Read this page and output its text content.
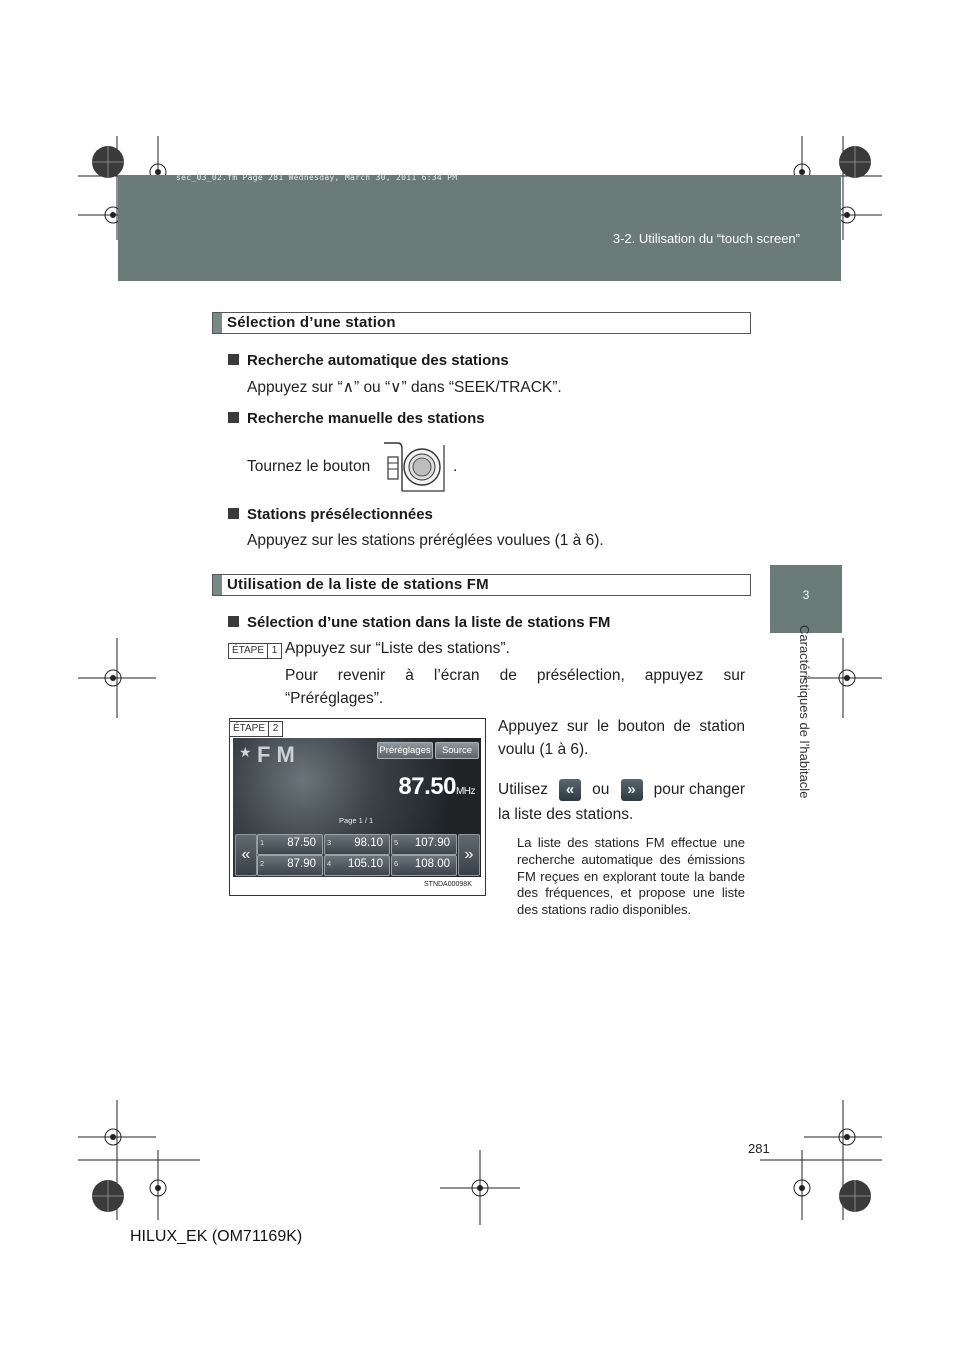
sec_03_02.fm Page 281 Wednesday, March 30, 2011 6:34 PM
3-2. Utilisation du “touch screen”
3
Caractéristiques de l’habitacle
Sélection d’une station
Recherche automatique des stations
Appuyez sur “∧” ou “∨” dans “SEEK/TRACK”.
Recherche manuelle des stations
Tournez le bouton	.
Stations présélectionnées
Appuyez sur les stations préréglées voulues (1 à 6).
Utilisation de la liste de stations FM
Sélection d’une station dans la liste de stations FM
ÉTAPE 1 Appuyez sur “Liste des stations”.
Pour revenir à l’écran de présélection, appuyez sur
“Préréglages”.
ÉTAPE 2
★ FM	Préréglages	Source
87.50MHz
Page 1 / 1
«	»
1 87.50 3 98.10 5 107.90
2 87.90 4 105.10 6 108.00
STNDA00098K
Appuyez sur le bouton de station
voulu (1 à 6).
Utilisez	«	ou	»	pour changer
la liste des stations.
La liste des stations FM effectue une recherche automatique des émissions FM reçues en explorant toute la bande des fréquences, et propose une liste des stations radio disponibles.
281
HILUX_EK (OM71169K)
